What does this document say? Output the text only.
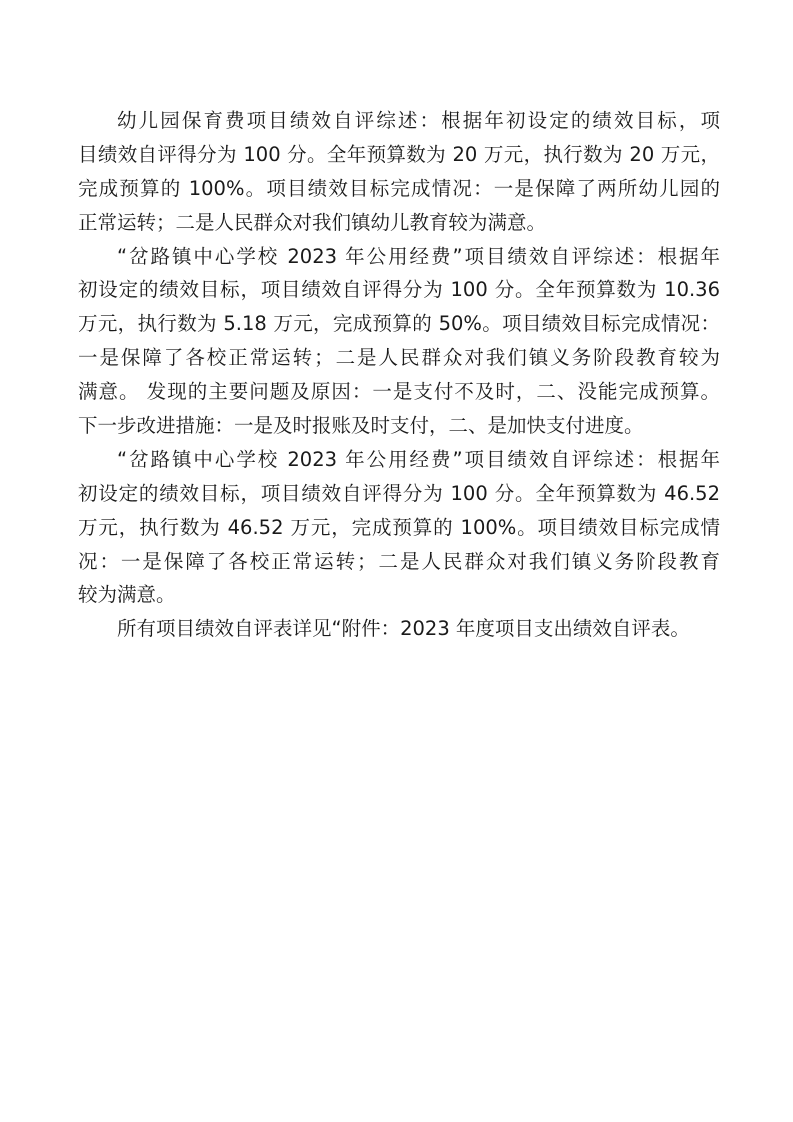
幼儿园保育费项目绩效自评综述：根据年初设定的绩效目标，项
目绩效自评得分为 100 分。全年预算数为 20 万元，执行数为 20 万元，
完成预算的 100%。项目绩效目标完成情况：一是保障了两所幼儿园的
正常运转；二是人民群众对我们镇幼儿教育较为满意。
“岔路镇中心学校 2023 年公用经费”项目绩效自评综述：根据年
初设定的绩效目标，项目绩效自评得分为 100 分。全年预算数为 10.36
万元，执行数为 5.18 万元，完成预算的 50%。项目绩效目标完成情况：
一是保障了各校正常运转；二是人民群众对我们镇义务阶段教育较为
满意。 发现的主要问题及原因：一是支付不及时，二、没能完成预算。
下一步改进措施：一是及时报账及时支付，二、是加快支付进度。
“岔路镇中心学校 2023 年公用经费”项目绩效自评综述：根据年
初设定的绩效目标，项目绩效自评得分为 100 分。全年预算数为 46.52
万元，执行数为 46.52 万元，完成预算的 100%。项目绩效目标完成情
况：一是保障了各校正常运转；二是人民群众对我们镇义务阶段教育
较为满意。
所有项目绩效自评表详见“附件：2023 年度项目支出绩效自评表。
